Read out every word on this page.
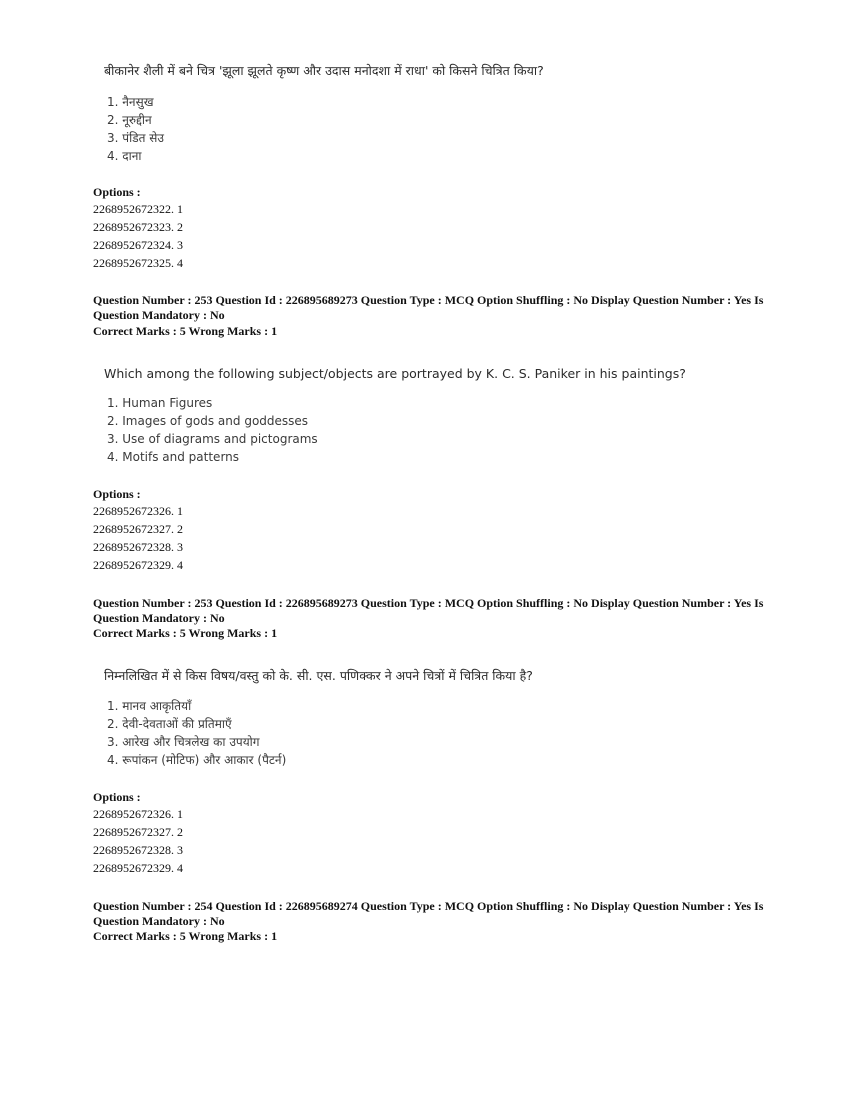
बीकानेर शैली में बने चित्र 'झूला झूलते कृष्ण और उदास मनोदशा में राधा' को किसने चित्रित किया?
1. नैनसुख
2. नूरुद्दीन
3. पंडित सेउ
4. दाना
Options :
2268952672322. 1
2268952672323. 2
2268952672324. 3
2268952672325. 4
Question Number : 253 Question Id : 226895689273 Question Type : MCQ Option Shuffling : No Display Question Number : Yes Is
Question Mandatory : No
Correct Marks : 5 Wrong Marks : 1
Which among the following subject/objects are portrayed by K. C. S. Paniker in his paintings?
1. Human Figures
2. Images of gods and goddesses
3. Use of diagrams and pictograms
4. Motifs and patterns
Options :
2268952672326. 1
2268952672327. 2
2268952672328. 3
2268952672329. 4
Question Number : 253 Question Id : 226895689273 Question Type : MCQ Option Shuffling : No Display Question Number : Yes Is
Question Mandatory : No
Correct Marks : 5 Wrong Marks : 1
निम्नलिखित में से किस विषय/वस्तु को के. सी. एस. पणिक्कर ने अपने चित्रों में चित्रित किया है?
1. मानव आकृतियाँ
2. देवी-देवताओं की प्रतिमाएँ
3. आरेख और चित्रलेख का उपयोग
4. रूपांकन (मोटिफ) और आकार (पैटर्न)
Options :
2268952672326. 1
2268952672327. 2
2268952672328. 3
2268952672329. 4
Question Number : 254 Question Id : 226895689274 Question Type : MCQ Option Shuffling : No Display Question Number : Yes Is
Question Mandatory : No
Correct Marks : 5 Wrong Marks : 1
